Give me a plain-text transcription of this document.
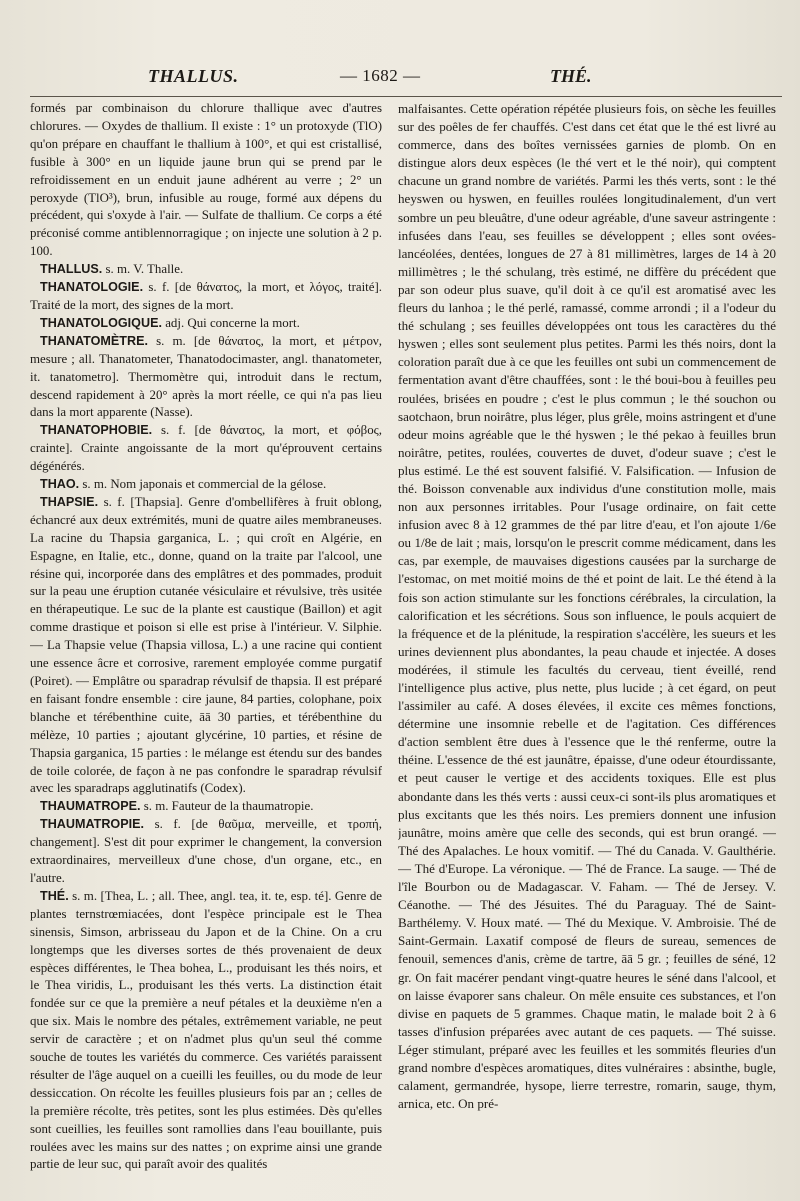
THALLUS.	— 1682 —	THÉ.

formés par combinaison du chlorure thallique avec d'autres chlorures. — Oxydes de thallium. Il existe : 1° un protoxyde (TlO) qu'on prépare en chauffant le thallium à 100°, et qui est cristallisé, fusible à 300° en un liquide jaune brun qui se prend par le refroidissement en un enduit jaune adhérent au verre ; 2° un peroxyde (TlO³), brun, infusible au rouge, formé aux dépens du précédent, qui s'oxyde à l'air. — Sulfate de thallium. Ce corps a été préconisé comme antiblennorragique ; on injecte une solution à 2 p. 100.

THALLUS. s. m. V. Thalle.

THANATOLOGIE. s. f. [de θάνατος, la mort, et λόγος, traité]. Traité de la mort, des signes de la mort.

THANATOLOGIQUE. adj. Qui concerne la mort.

THANATOMÈTRE. s. m. [de θάνατος, la mort, et μέτρον, mesure ; all. Thanatometer, Thanatodocimaster, angl. thanatometer, it. tanatometro]. Thermomètre qui, introduit dans le rectum, descend rapidement à 20° après la mort réelle, ce qui n'a pas lieu dans la mort apparente (Nasse).

THANATOPHOBIE. s. f. [de θάνατος, la mort, et φόβος, crainte]. Crainte angoissante de la mort qu'éprouvent certains dégénérés.

THAO. s. m. Nom japonais et commercial de la gélose.

THAPSIE. s. f. [Thapsia]. Genre d'ombellifères à fruit oblong, échancré aux deux extrémités, muni de quatre ailes membraneuses. La racine du Thapsia garganica, L. ; qui croît en Algérie, en Espagne, en Italie, etc., donne, quand on la traite par l'alcool, une résine qui, incorporée dans des emplâtres et des pommades, produit sur la peau une éruption cutanée vésiculaire et révulsive, très usitée en thérapeutique. Le suc de la plante est caustique (Baillon) et agit comme drastique et poison si elle est prise à l'intérieur. V. Silphie. — La Thapsie velue (Thapsia villosa, L.) a une racine qui contient une essence âcre et corrosive, rarement employée comme purgatif (Poiret). — Emplâtre ou sparadrap révulsif de thapsia. Il est préparé en faisant fondre ensemble : cire jaune, 84 parties, colophane, poix blanche et térébenthine cuite, āā 30 parties, et térébenthine du mélèze, 10 parties ; ajoutant glycérine, 10 parties, et résine de Thapsia garganica, 15 parties : le mélange est étendu sur des bandes de toile colorée, de façon à ne pas confondre le sparadrap révulsif avec les sparadraps agglutinatifs (Codex).

THAUMATROPE. s. m. Fauteur de la thaumatropie.

THAUMATROPIE. s. f. [de θαῦμα, merveille, et τροπή, changement]. S'est dit pour exprimer le changement, la conversion extraordinaires, merveilleux d'une chose, d'un organe, etc., en l'autre.

THÉ. s. m. [Thea, L. ; all. Thee, angl. tea, it. te, esp. té]. Genre de plantes ternstrœmiacées, dont l'espèce principale est le Thea sinensis, Simson, arbrisseau du Japon et de la Chine. On a cru longtemps que les diverses sortes de thés provenaient de deux espèces différentes, le Thea bohea, L., produisant les thés noirs, et le Thea viridis, L., produisant les thés verts. La distinction était fondée sur ce que la première a neuf pétales et la deuxième n'en a que six. Mais le nombre des pétales, extrêmement variable, ne peut servir de caractère ; et on n'admet plus qu'un seul thé comme souche de toutes les variétés du commerce. Ces variétés paraissent résulter de l'âge auquel on a cueilli les feuilles, ou du mode de leur dessiccation. On récolte les feuilles plusieurs fois par an ; celles de la première récolte, très petites, sont les plus estimées. Dès qu'elles sont cueillies, les feuilles sont ramollies dans l'eau bouillante, puis roulées avec les mains sur des nattes ; on exprime ainsi une grande partie de leur suc, qui paraît avoir des qualités

malfaisantes. Cette opération répétée plusieurs fois, on sèche les feuilles sur des poêles de fer chauffés. C'est dans cet état que le thé est livré au commerce, dans des boîtes vernissées garnies de plomb. On en distingue alors deux espèces (le thé vert et le thé noir), qui comptent chacune un grand nombre de variétés. Parmi les thés verts, sont : le thé heyswen ou hyswen, en feuilles roulées longitudinalement, d'un vert sombre un peu bleuâtre, d'une odeur agréable, d'une saveur astringente : infusées dans l'eau, ses feuilles se développent ; elles sont ovées-lancéolées, dentées, longues de 27 à 81 millimètres, larges de 14 à 20 millimètres ; le thé schulang, très estimé, ne diffère du précédent que par son odeur plus suave, qu'il doit à ce qu'il est aromatisé avec les fleurs du lanhoa ; le thé perlé, ramassé, comme arrondi ; il a l'odeur du thé schulang ; ses feuilles développées ont tous les caractères du thé hyswen ; elles sont seulement plus petites. Parmi les thés noirs, dont la coloration paraît due à ce que les feuilles ont subi un commencement de fermentation avant d'être chauffées, sont : le thé boui-bou à feuilles peu roulées, brisées en poudre ; c'est le plus commun ; le thé souchon ou saotchaon, brun noirâtre, plus léger, plus grêle, moins astringent et d'une odeur moins agréable que le thé hyswen ; le thé pekao à feuilles brun noirâtre, petites, roulées, couvertes de duvet, d'odeur suave ; c'est le plus estimé. Le thé est souvent falsifié. V. Falsification. — Infusion de thé. Boisson convenable aux individus d'une constitution molle, mais non aux personnes irritables. Pour l'usage ordinaire, on fait cette infusion avec 8 à 12 grammes de thé par litre d'eau, et l'on ajoute 1/6e ou 1/8e de lait ; mais, lorsqu'on le prescrit comme médicament, dans les cas, par exemple, de mauvaises digestions causées par la surcharge de l'estomac, on met moitié moins de thé et point de lait. Le thé étend à la fois son action stimulante sur les fonctions cérébrales, la circulation, la calorification et les sécrétions. Sous son influence, le pouls acquiert de la fréquence et de la plénitude, la respiration s'accélère, les sueurs et les urines deviennent plus abondantes, la peau chaude et injectée. A doses modérées, il stimule les facultés du cerveau, tient éveillé, rend l'intelligence plus active, plus nette, plus lucide ; à cet égard, on peut l'assimiler au café. A doses élevées, il excite ces mêmes fonctions, détermine une insomnie rebelle et de l'agitation. Ces différences d'action semblent être dues à l'essence que le thé renferme, outre la théine. L'essence de thé est jaunâtre, épaisse, d'une odeur étourdissante, et peut causer le vertige et des accidents toxiques. Elle est plus abondante dans les thés verts : aussi ceux-ci sont-ils plus aromatiques et plus excitants que les thés noirs. Les premiers donnent une infusion jaunâtre, moins amère que celle des seconds, qui est brun orangé. — Thé des Apalaches. Le houx vomitif. — Thé du Canada. V. Gaulthérie. — Thé d'Europe. La véronique. — Thé de France. La sauge. — Thé de l'île Bourbon ou de Madagascar. V. Faham. — Thé de Jersey. V. Céanothe. — Thé des Jésuites. Thé du Paraguay. Thé de Saint-Barthélemy. V. Houx maté. — Thé du Mexique. V. Ambroisie. Thé de Saint-Germain. Laxatif composé de fleurs de sureau, semences de fenouil, semences d'anis, crème de tartre, āā 5 gr. ; feuilles de séné, 12 gr. On fait macérer pendant vingt-quatre heures le séné dans l'alcool, et on laisse évaporer sans chaleur. On mêle ensuite ces substances, et l'on divise en paquets de 5 grammes. Chaque matin, le malade boit 2 à 6 tasses d'infusion préparées avec autant de ces paquets. — Thé suisse. Léger stimulant, préparé avec les feuilles et les sommités fleuries d'un grand nombre d'espèces aromatiques, dites vulnéraires : absinthe, bugle, calament, germandrée, hysope, lierre terrestre, romarin, sauge, thym, arnica, etc. On pré-
